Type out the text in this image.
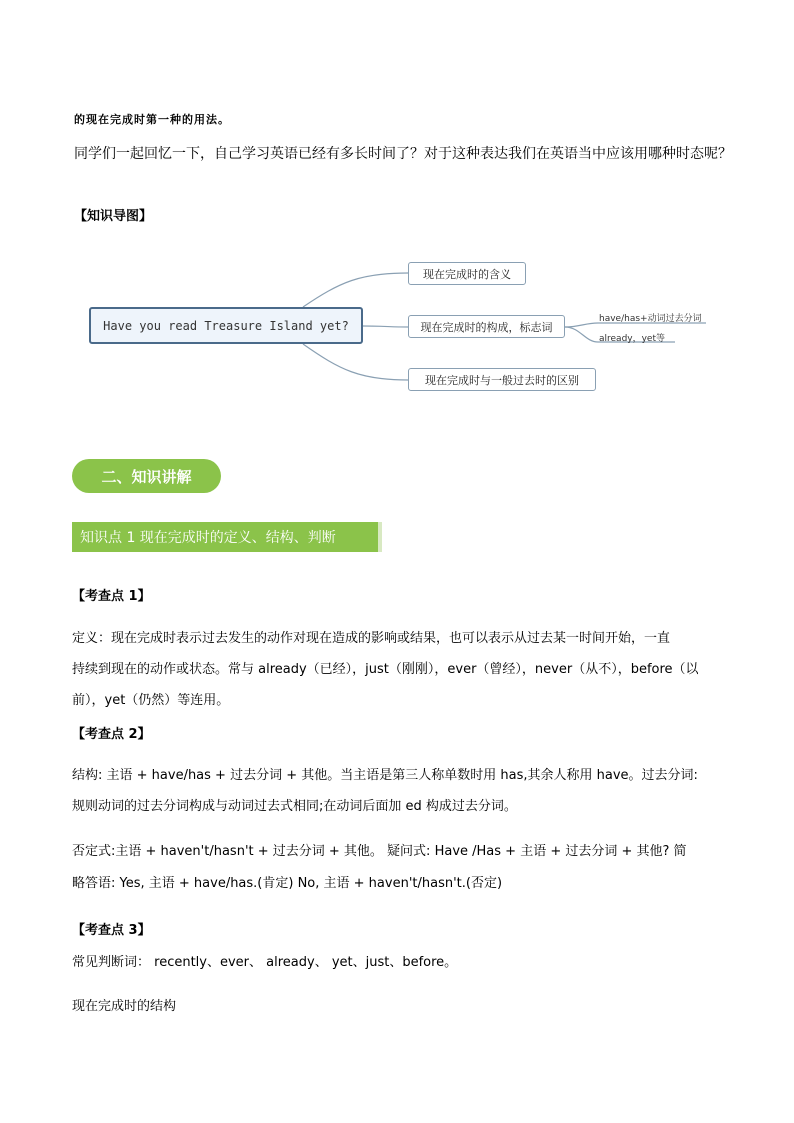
的现在完成时第一种的用法。
同学们一起回忆一下，自己学习英语已经有多长时间了？对于这种表达我们在英语当中应该用哪种时态呢？
【知识导图】
Have you read Treasure Island yet?
现在完成时的含义
现在完成时的构成，标志词
现在完成时与一般过去时的区别
have/has+动词过去分词
already，yet等
二、知识讲解
知识点 1 现在完成时的定义、结构、判断
【考查点 1】
定义：现在完成时表示过去发生的动作对现在造成的影响或结果，也可以表示从过去某一时间开始，一直
持续到现在的动作或状态。常与 already（已经），just（刚刚），ever（曾经），never（从不），before（以
前），yet（仍然）等连用。
【考查点 2】
结构: 主语 + have/has + 过去分词 + 其他。当主语是第三人称单数时用 has,其余人称用 have。过去分词:
规则动词的过去分词构成与动词过去式相同;在动词后面加 ed 构成过去分词。
否定式:主语 + haven't/hasn't + 过去分词 + 其他。 疑问式: Have /Has + 主语 + 过去分词 + 其他? 简
略答语: Yes, 主语 + have/has.(肯定) No, 主语 + haven't/hasn't.(否定)
【考查点 3】
常见判断词： recently、ever、 already、 yet、just、before。
现在完成时的结构
